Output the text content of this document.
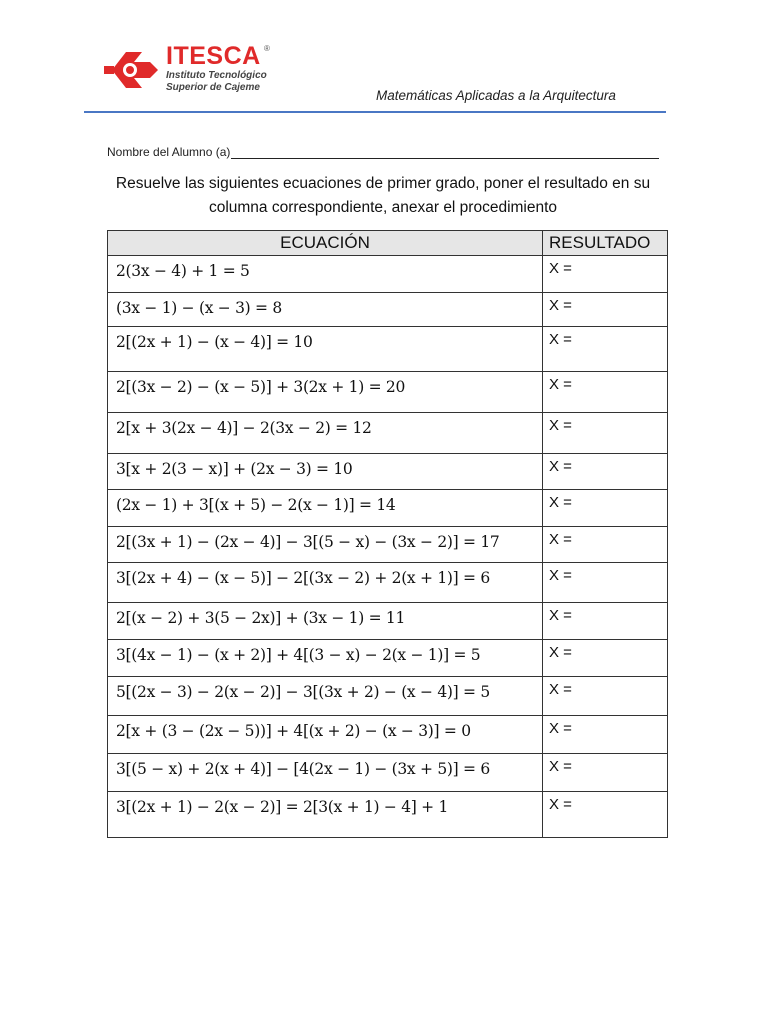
ITESCA ®
Instituto Tecnológico
Superior de Cajeme
Matemáticas Aplicadas a la Arquitectura
Nombre del Alumno (a)
Resuelve las siguientes ecuaciones de primer grado, poner el resultado en su columna correspondiente, anexar el procedimiento
ECUACIÓN	RESULTADO
2(3x − 4) + 1 = 5	X =
(3x − 1) − (x − 3) = 8	X =
2[(2x + 1) − (x − 4)] = 10	X =
2[(3x − 2) − (x − 5)] + 3(2x + 1) = 20	X =
2[x + 3(2x − 4)] − 2(3x − 2) = 12	X =
3[x + 2(3 − x)] + (2x − 3) = 10	X =
(2x − 1) + 3[(x + 5) − 2(x − 1)] = 14	X =
2[(3x + 1) − (2x − 4)] − 3[(5 − x) − (3x − 2)] = 17	X =
3[(2x + 4) − (x − 5)] − 2[(3x − 2) + 2(x + 1)] = 6	X =
2[(x − 2) + 3(5 − 2x)] + (3x − 1) = 11	X =
3[(4x − 1) − (x + 2)] + 4[(3 − x) − 2(x − 1)] = 5	X =
5[(2x − 3) − 2(x − 2)] − 3[(3x + 2) − (x − 4)] = 5	X =
2[x + (3 − (2x − 5))] + 4[(x + 2) − (x − 3)] = 0	X =
3[(5 − x) + 2(x + 4)] − [4(2x − 1) − (3x + 5)] = 6	X =
3[(2x + 1) − 2(x − 2)] = 2[3(x + 1) − 4] + 1	X =
